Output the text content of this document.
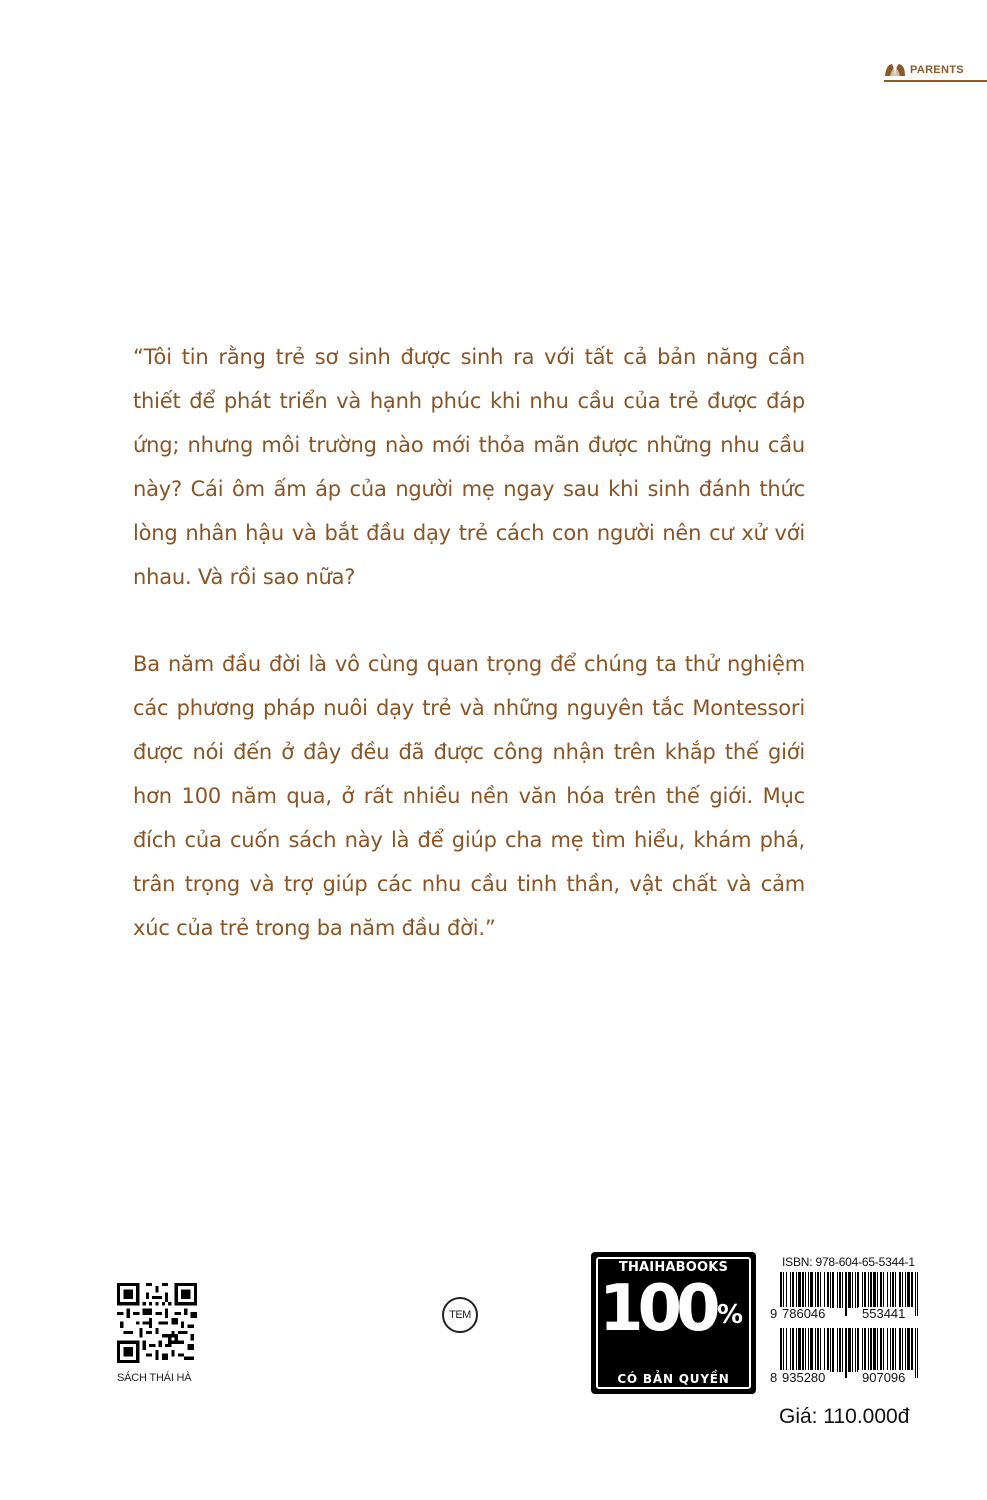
PARENTS

“Tôi tin rằng trẻ sơ sinh được sinh ra với tất cả bản năng cần thiết để phát triển và hạnh phúc khi nhu cầu của trẻ được đáp ứng; nhưng môi trường nào mới thỏa mãn được những nhu cầu này? Cái ôm ấm áp của người mẹ ngay sau khi sinh đánh thức lòng nhân hậu và bắt đầu dạy trẻ cách con người nên cư xử với nhau. Và rồi sao nữa?

Ba năm đầu đời là vô cùng quan trọng để chúng ta thử nghiệm các phương pháp nuôi dạy trẻ và những nguyên tắc Montessori được nói đến ở đây đều đã được công nhận trên khắp thế giới hơn 100 năm qua, ở rất nhiều nền văn hóa trên thế giới. Mục đích của cuốn sách này là để giúp cha mẹ tìm hiểu, khám phá, trân trọng và trợ giúp các nhu cầu tinh thần, vật chất và cảm xúc của trẻ trong ba năm đầu đời.”

SÁCH THÁI HÀ
TEM
THAIHABOOKS
100 %
CÓ BẢN QUYỀN
ISBN: 978-604-65-5344-1
9 786046	553441
8 935280	907096
Giá: 110.000đ
